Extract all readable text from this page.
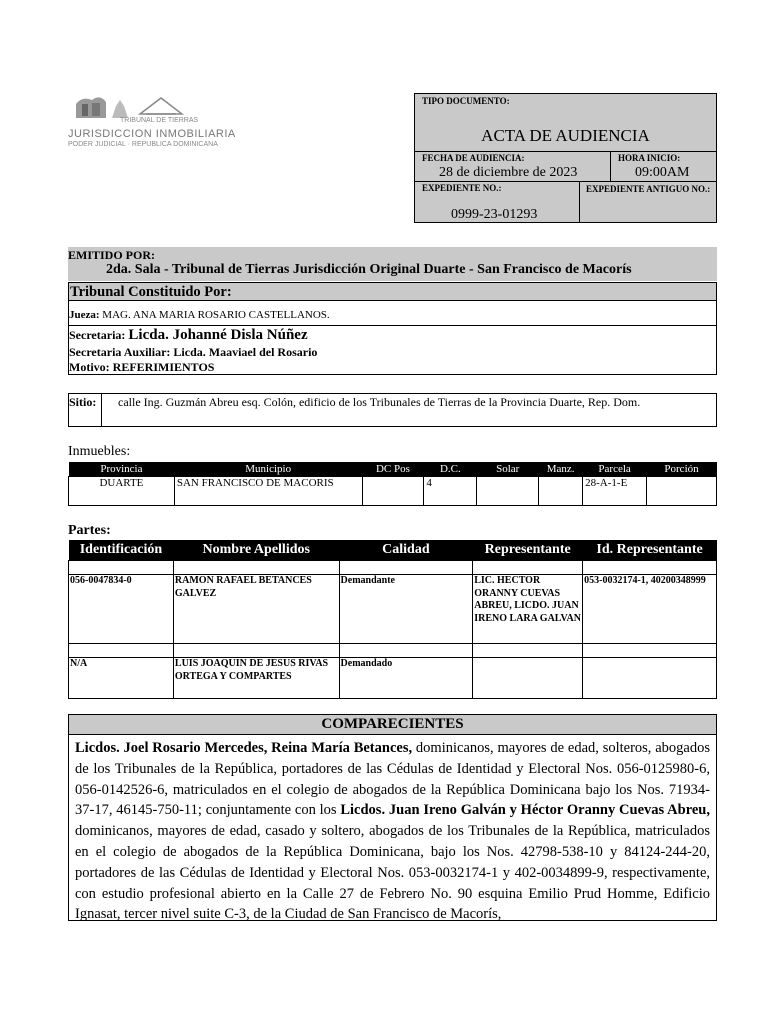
TRIBUNAL DE TIERRAS
JURISDICCION INMOBILIARIA
PODER JUDICIAL · REPUBLICA DOMINICANA
TIPO DOCUMENTO:
ACTA DE AUDIENCIA
FECHA DE AUDIENCIA:
28 de diciembre de 2023
HORA INICIO:
09:00AM
EXPEDIENTE NO.:
0999-23-01293
EXPEDIENTE ANTIGUO NO.:
EMITIDO POR:
2da. Sala - Tribunal de Tierras Jurisdicción Original Duarte - San Francisco de Macorís
Tribunal Constituido Por:
Jueza: MAG. ANA MARIA ROSARIO CASTELLANOS.
Secretaria: Licda. Johanné Disla Núñez
Secretaria Auxiliar: Licda. Maaviael del Rosario
Motivo: REFERIMIENTOS
Sitio: calle Ing. Guzmán Abreu esq. Colón, edificio de los Tribunales de Tierras de la Provincia Duarte, Rep. Dom.
Inmuebles:
Provincia	Municipio	DC Pos	D.C.	Solar	Manz.	Parcela	Porción
DUARTE	SAN FRANCISCO DE MACORIS		4			28-A-1-E	
Partes:
Identificación	Nombre Apellidos	Calidad	Representante	Id. Representante

056-0047834-0	RAMON RAFAEL BETANCES GALVEZ	Demandante	LIC. HECTOR ORANNY CUEVAS ABREU, LICDO. JUAN IRENO LARA GALVAN	053-0032174-1, 40200348999

N/A	LUIS JOAQUIN DE JESUS RIVAS ORTEGA Y COMPARTES	Demandado		
COMPARECIENTES
Licdos. Joel Rosario Mercedes, Reina María Betances, dominicanos, mayores de edad, solteros, abogados de los Tribunales de la República, portadores de las Cédulas de Identidad y Electoral Nos. 056-0125980-6, 056-0142526-6, matriculados en el colegio de abogados de la República Dominicana bajo los Nos. 71934-37-17, 46145-750-11; conjuntamente con los Licdos. Juan Ireno Galván y Héctor Oranny Cuevas Abreu, dominicanos, mayores de edad, casado y soltero, abogados de los Tribunales de la República, matriculados en el colegio de abogados de la República Dominicana, bajo los Nos. 42798-538-10 y 84124-244-20, portadores de las Cédulas de Identidad y Electoral Nos. 053-0032174-1 y 402-0034899-9, respectivamente, con estudio profesional abierto en la Calle 27 de Febrero No. 90 esquina Emilio Prud Homme, Edificio Ignasat, tercer nivel suite C-3, de la Ciudad de San Francisco de Macorís,
